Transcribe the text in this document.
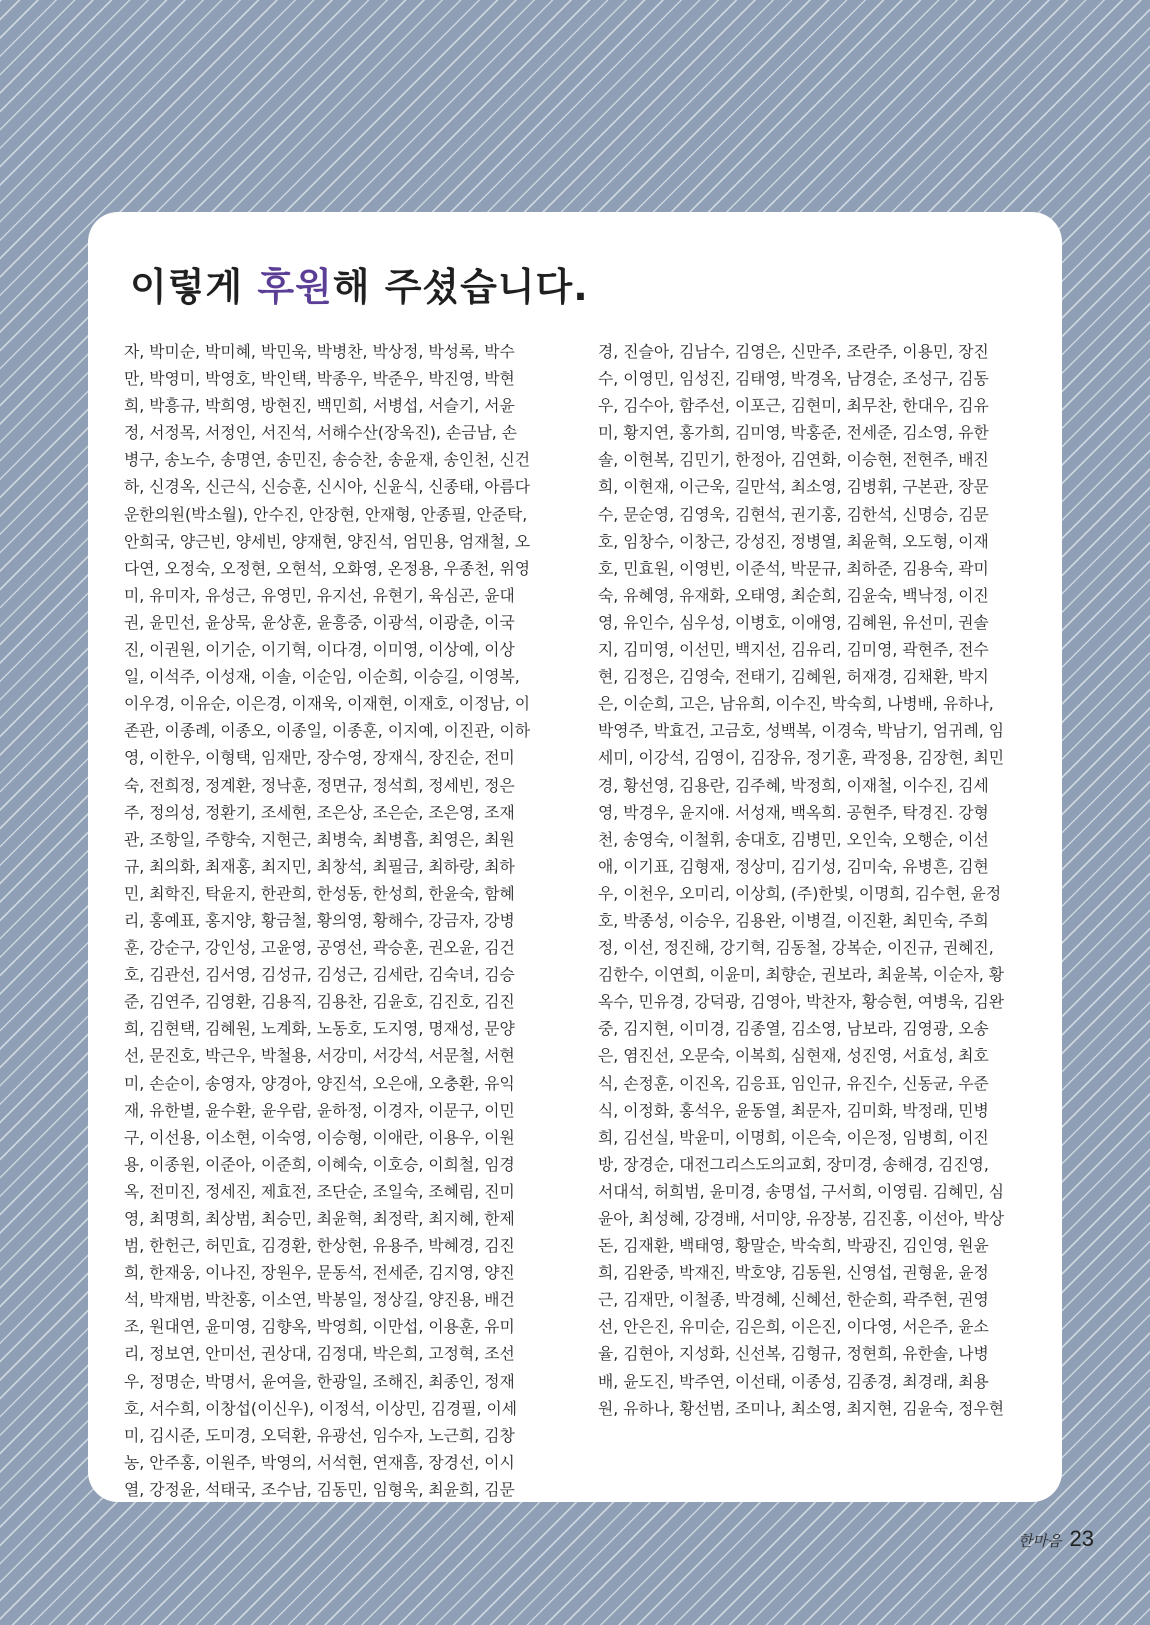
이렇게 후원해 주셨습니다.
자, 박미순, 박미혜, 박민욱, 박병찬, 박상정, 박성록, 박수
만, 박영미, 박영호, 박인택, 박종우, 박준우, 박진영, 박현
희, 박흥규, 박희영, 방현진, 백민희, 서병섭, 서슬기, 서윤
정, 서정목, 서정인, 서진석, 서해수산(장욱진), 손금남, 손
병구, 송노수, 송명연, 송민진, 송승찬, 송윤재, 송인천, 신건
하, 신경옥, 신근식, 신승훈, 신시아, 신윤식, 신종태, 아름다
운한의원(박소월), 안수진, 안장현, 안재형, 안종필, 안준탁,
안희국, 양근빈, 양세빈, 양재현, 양진석, 엄민용, 엄재철, 오
다연, 오정숙, 오정현, 오현석, 오화영, 온정용, 우종천, 위영
미, 유미자, 유성근, 유영민, 유지선, 유현기, 육심곤, 윤대
권, 윤민선, 윤상묵, 윤상훈, 윤흥중, 이광석, 이광춘, 이국
진, 이권원, 이기순, 이기혁, 이다경, 이미영, 이상예, 이상
일, 이석주, 이성재, 이솔, 이순임, 이순희, 이승길, 이영복,
이우경, 이유순, 이은경, 이재욱, 이재현, 이재호, 이정남, 이
존관, 이종례, 이종오, 이종일, 이종훈, 이지예, 이진관, 이하
영, 이한우, 이형택, 임재만, 장수영, 장재식, 장진순, 전미
숙, 전희정, 정계환, 정낙훈, 정면규, 정석희, 정세빈, 정은
주, 정의성, 정환기, 조세현, 조은상, 조은순, 조은영, 조재
관, 조항일, 주향숙, 지현근, 최병숙, 최병흡, 최영은, 최원
규, 최의화, 최재홍, 최지민, 최창석, 최필금, 최하랑, 최하
민, 최학진, 탁윤지, 한관희, 한성동, 한성희, 한윤숙, 함혜
리, 홍예표, 홍지양, 황금철, 황의영, 황해수, 강금자, 강병
훈, 강순구, 강인성, 고윤영, 공영선, 곽승훈, 권오윤, 김건
호, 김관선, 김서영, 김성규, 김성근, 김세란, 김숙녀, 김승
준, 김연주, 김영환, 김용직, 김용찬, 김윤호, 김진호, 김진
희, 김현택, 김혜원, 노계화, 노동호, 도지영, 명재성, 문양
선, 문진호, 박근우, 박철용, 서강미, 서강석, 서문철, 서현
미, 손순이, 송영자, 양경아, 양진석, 오은애, 오충환, 유익
재, 유한별, 윤수환, 윤우람, 윤하정, 이경자, 이문구, 이민
구, 이선용, 이소현, 이숙영, 이승형, 이애란, 이용우, 이원
용, 이종원, 이준아, 이준희, 이혜숙, 이호승, 이희철, 임경
옥, 전미진, 정세진, 제효전, 조단순, 조일숙, 조혜림, 진미
영, 최명희, 최상범, 최승민, 최윤혁, 최정락, 최지혜, 한제
범, 한헌근, 허민효, 김경환, 한상현, 유용주, 박혜경, 김진
희, 한재웅, 이나진, 장원우, 문동석, 전세준, 김지영, 양진
석, 박재범, 박찬홍, 이소연, 박봉일, 정상길, 양진용, 배건
조, 원대연, 윤미영, 김향옥, 박영희, 이만섭, 이용훈, 유미
리, 정보연, 안미선, 권상대, 김정대, 박은희, 고정혁, 조선
우, 정명순, 박명서, 윤여을, 한광일, 조해진, 최종인, 정재
호, 서수희, 이창섭(이신우), 이정석, 이상민, 김경필, 이세
미, 김시준, 도미경, 오덕환, 유광선, 임수자, 노근희, 김창
농, 안주홍, 이원주, 박영의, 서석현, 연재흠, 장경선, 이시
열, 강정윤, 석태국, 조수남, 김동민, 임형욱, 최윤희, 김문
경, 진슬아, 김남수, 김영은, 신만주, 조란주, 이용민, 장진
수, 이영민, 임성진, 김태영, 박경옥, 남경순, 조성구, 김동
우, 김수아, 함주선, 이포근, 김현미, 최무찬, 한대우, 김유
미, 황지연, 홍가희, 김미영, 박홍준, 전세준, 김소영, 유한
솔, 이현복, 김민기, 한정아, 김연화, 이승현, 전현주, 배진
희, 이현재, 이근욱, 길만석, 최소영, 김병휘, 구본관, 장문
수, 문순영, 김영욱, 김현석, 권기홍, 김한석, 신명승, 김문
호, 임창수, 이창근, 강성진, 정병열, 최윤혁, 오도형, 이재
호, 민효원, 이영빈, 이준석, 박문규, 최하준, 김용숙, 곽미
숙, 유혜영, 유재화, 오태영, 최순희, 김윤숙, 백낙정, 이진
영, 유인수, 심우성, 이병호, 이애영, 김혜원, 유선미, 권솔
지, 김미영, 이선민, 백지선, 김유리, 김미영, 곽현주, 전수
현, 김정은, 김영숙, 전태기, 김혜원, 허재경, 김채환, 박지
은, 이순희, 고은, 남유희, 이수진, 박숙희, 나병배, 유하나,
박영주, 박효건, 고금호, 성백복, 이경숙, 박남기, 엄귀례, 임
세미, 이강석, 김영이, 김장유, 정기훈, 곽정용, 김장현, 최민
경, 황선영, 김용란, 김주혜, 박정희, 이재철, 이수진, 김세
영, 박경우, 윤지애. 서성재, 백옥희. 공현주, 탁경진. 강형
천, 송영숙, 이철휘, 송대호, 김병민, 오인숙, 오행순, 이선
애, 이기표, 김형재, 정상미, 김기성, 김미숙, 유병흔, 김현
우, 이천우, 오미리, 이상희, (주)한빛, 이명희, 김수현, 윤정
호, 박종성, 이승우, 김용완, 이병걸, 이진환, 최민숙, 주희
정, 이선, 정진해, 강기혁, 김동철, 강복순, 이진규, 권혜진,
김한수, 이연희, 이윤미, 최향순, 권보라, 최윤복, 이순자, 황
옥수, 민유경, 강덕광, 김영아, 박찬자, 황승현, 여병욱, 김완
중, 김지현, 이미경, 김종열, 김소영, 남보라, 김영광, 오송
은, 염진선, 오문숙, 이복희, 심현재, 성진영, 서효성, 최호
식, 손정훈, 이진옥, 김응표, 임인규, 유진수, 신동균, 우준
식, 이정화, 홍석우, 윤동열, 최문자, 김미화, 박정래, 민병
희, 김선실, 박윤미, 이명희, 이은숙, 이은정, 임병희, 이진
방, 장경순, 대전그리스도의교회, 장미경, 송해경, 김진영,
서대석, 허희범, 윤미경, 송명섭, 구서희, 이영림. 김혜민, 심
윤아, 최성혜, 강경배, 서미양, 유장봉, 김진홍, 이선아, 박상
돈, 김재환, 백태영, 황말순, 박숙희, 박광진, 김인영, 원윤
희, 김완중, 박재진, 박호양, 김동원, 신영섭, 권형윤, 윤정
근, 김재만, 이철종, 박경혜, 신혜선, 한순희, 곽주현, 권영
선, 안은진, 유미순, 김은희, 이은진, 이다영, 서은주, 윤소
율, 김현아, 지성화, 신선복, 김형규, 정현희, 유한솔, 나병
배, 윤도진, 박주연, 이선태, 이종성, 김종경, 최경래, 최용
원, 유하나, 황선범, 조미나, 최소영, 최지현, 김윤숙, 정우현
한마음 23
